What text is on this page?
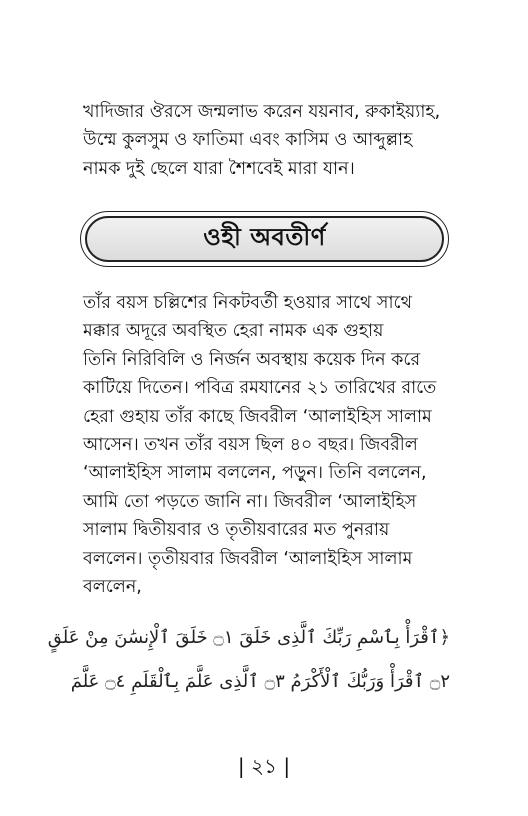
খাদিজার ঔরসে জন্মলাভ করেন যয়নাব, রুকাইয়্যাহ,
উম্মে কুলসুম ও ফাতিমা এবং কাসিম ও আব্দুল্লাহ
নামক দুই ছেলে যারা শৈশবেই মারা যান।
ওহী অবতীর্ণ
তাঁর বয়স চল্লিশের নিকটবর্তী হওয়ার সাথে সাথে
মক্কার অদূরে অবস্থিত হেরা নামক এক গুহায়
তিনি নিরিবিলি ও নির্জন অবস্থায় কয়েক দিন করে
কাটিয়ে দিতেন। পবিত্র রমযানের ২১ তারিখের রাতে
হেরা গুহায় তাঁর কাছে জিবরীল ‘আলাইহিস সালাম
আসেন। তখন তাঁর বয়স ছিল ৪০ বছর। জিবরীল
‘আলাইহিস সালাম বললেন, পড়ুন। তিনি বললেন,
আমি তো পড়তে জানি না। জিবরীল ‘আলাইহিস
সালাম দ্বিতীয়বার ও তৃতীয়বারের মত পুনরায়
বললেন। তৃতীয়বার জিবরীল ‘আলাইহিস সালাম
বললেন,
﴿ٱقْرَأْ بِٱسْمِ رَبِّكَ ٱلَّذِى خَلَقَ ۝١ خَلَقَ ٱلْإِنسَٰنَ مِنْ عَلَقٍ
۝٢ ٱقْرَأْ وَرَبُّكَ ٱلْأَكْرَمُ ۝٣ ٱلَّذِى عَلَّمَ بِٱلْقَلَمِ ۝٤ عَلَّمَ
| ২১ |
